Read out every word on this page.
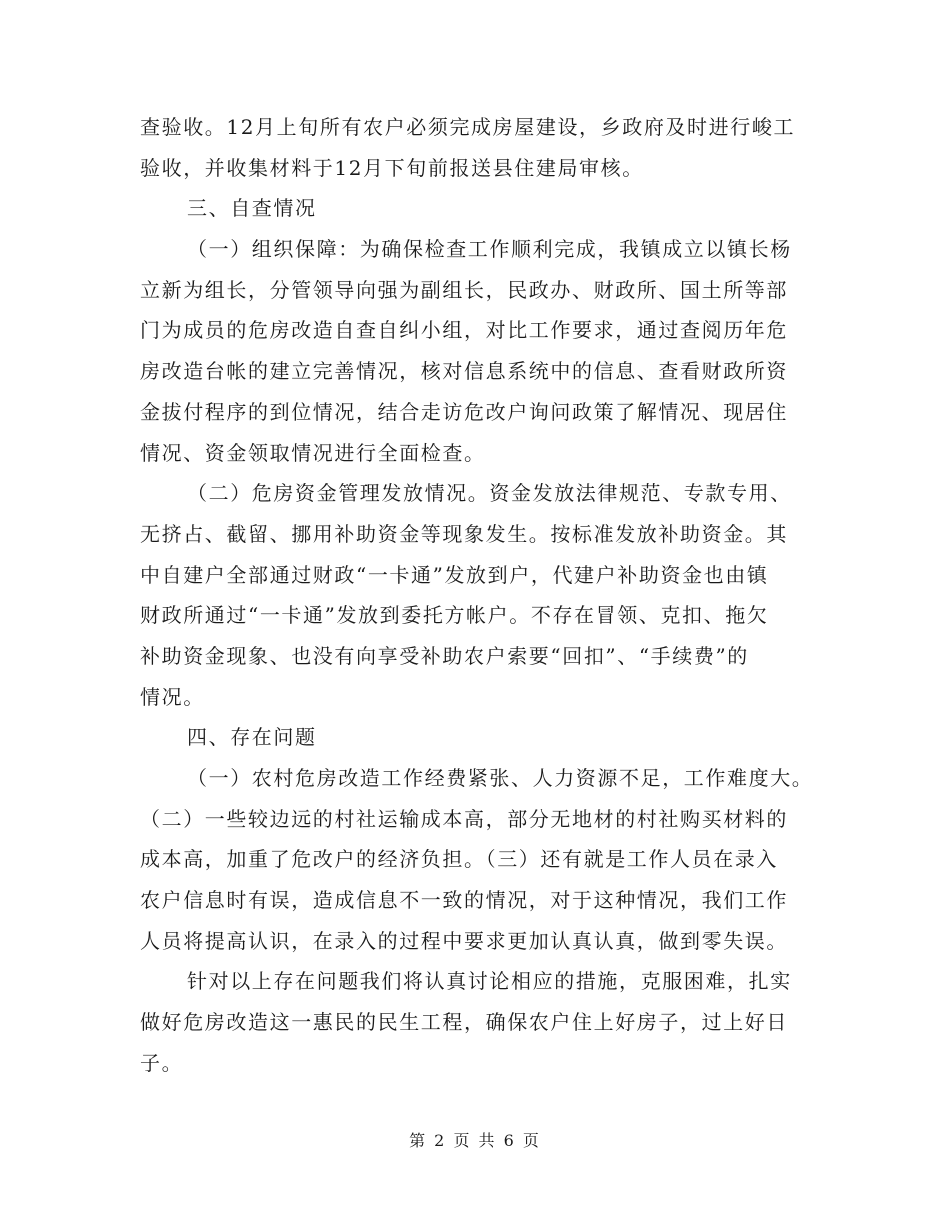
查验收。12月上旬所有农户必须完成房屋建设，乡政府及时进行峻工
验收，并收集材料于12月下旬前报送县住建局审核。
三、自查情况
（一）组织保障：为确保检查工作顺利完成，我镇成立以镇长杨
立新为组长，分管领导向强为副组长，民政办、财政所、国土所等部
门为成员的危房改造自查自纠小组，对比工作要求，通过查阅历年危
房改造台帐的建立完善情况，核对信息系统中的信息、查看财政所资
金拔付程序的到位情况，结合走访危改户询问政策了解情况、现居住
情况、资金领取情况进行全面检查。
（二）危房资金管理发放情况。资金发放法律规范、专款专用、
无挤占、截留、挪用补助资金等现象发生。按标准发放补助资金。其
中自建户全部通过财政“一卡通”发放到户，代建户补助资金也由镇
财政所通过“一卡通”发放到委托方帐户。不存在冒领、克扣、拖欠
补助资金现象、也没有向享受补助农户索要“回扣”、“手续费”的
情况。
四、存在问题
（一）农村危房改造工作经费紧张、人力资源不足，工作难度大。
（二）一些较边远的村社运输成本高，部分无地材的村社购买材料的
成本高，加重了危改户的经济负担。（三）还有就是工作人员在录入
农户信息时有误，造成信息不一致的情况，对于这种情况，我们工作
人员将提高认识，在录入的过程中要求更加认真认真，做到零失误。
针对以上存在问题我们将认真讨论相应的措施，克服困难，扎实
做好危房改造这一惠民的民生工程，确保农户住上好房子，过上好日
子。
第 2 页 共 6 页
